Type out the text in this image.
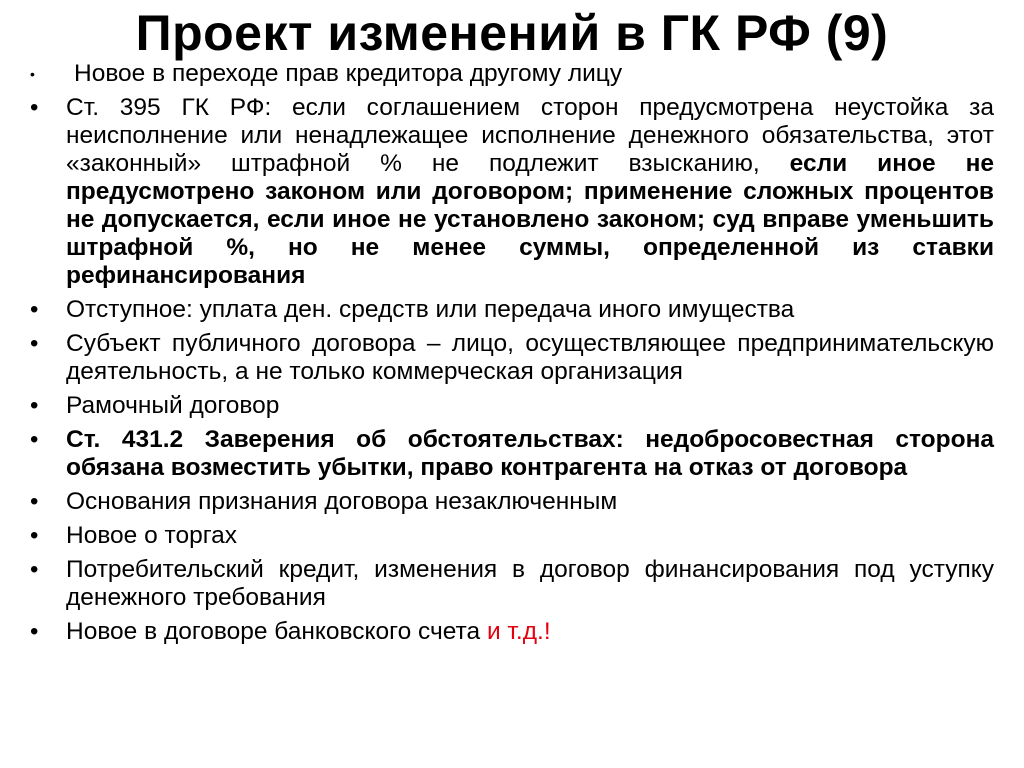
Проект изменений в ГК РФ (9)
•	Новое в переходе прав кредитора другому лицу
•	Ст. 395 ГК РФ: если соглашением сторон предусмотрена неустойка за неисполнение или ненадлежащее исполнение денежного обязательства, этот «законный» штрафной % не подлежит взысканию, если иное не предусмотрено законом или договором; применение сложных процентов не допускается, если иное не установлено законом; суд вправе уменьшить штрафной %, но не менее суммы, определенной из ставки рефинансирования
•	Отступное: уплата ден. средств или передача иного имущества
•	Субъект публичного договора – лицо, осуществляющее предпринимательскую деятельность, а не только коммерческая организация
•	Рамочный договор
•	Ст. 431.2 Заверения об обстоятельствах: недобросовестная сторона обязана возместить убытки, право контрагента на отказ от договора
•	Основания признания договора незаключенным
•	Новое о торгах
•	Потребительский кредит, изменения в договор финансирования под уступку денежного требования
•	Новое в договоре банковского счета и т.д.!
